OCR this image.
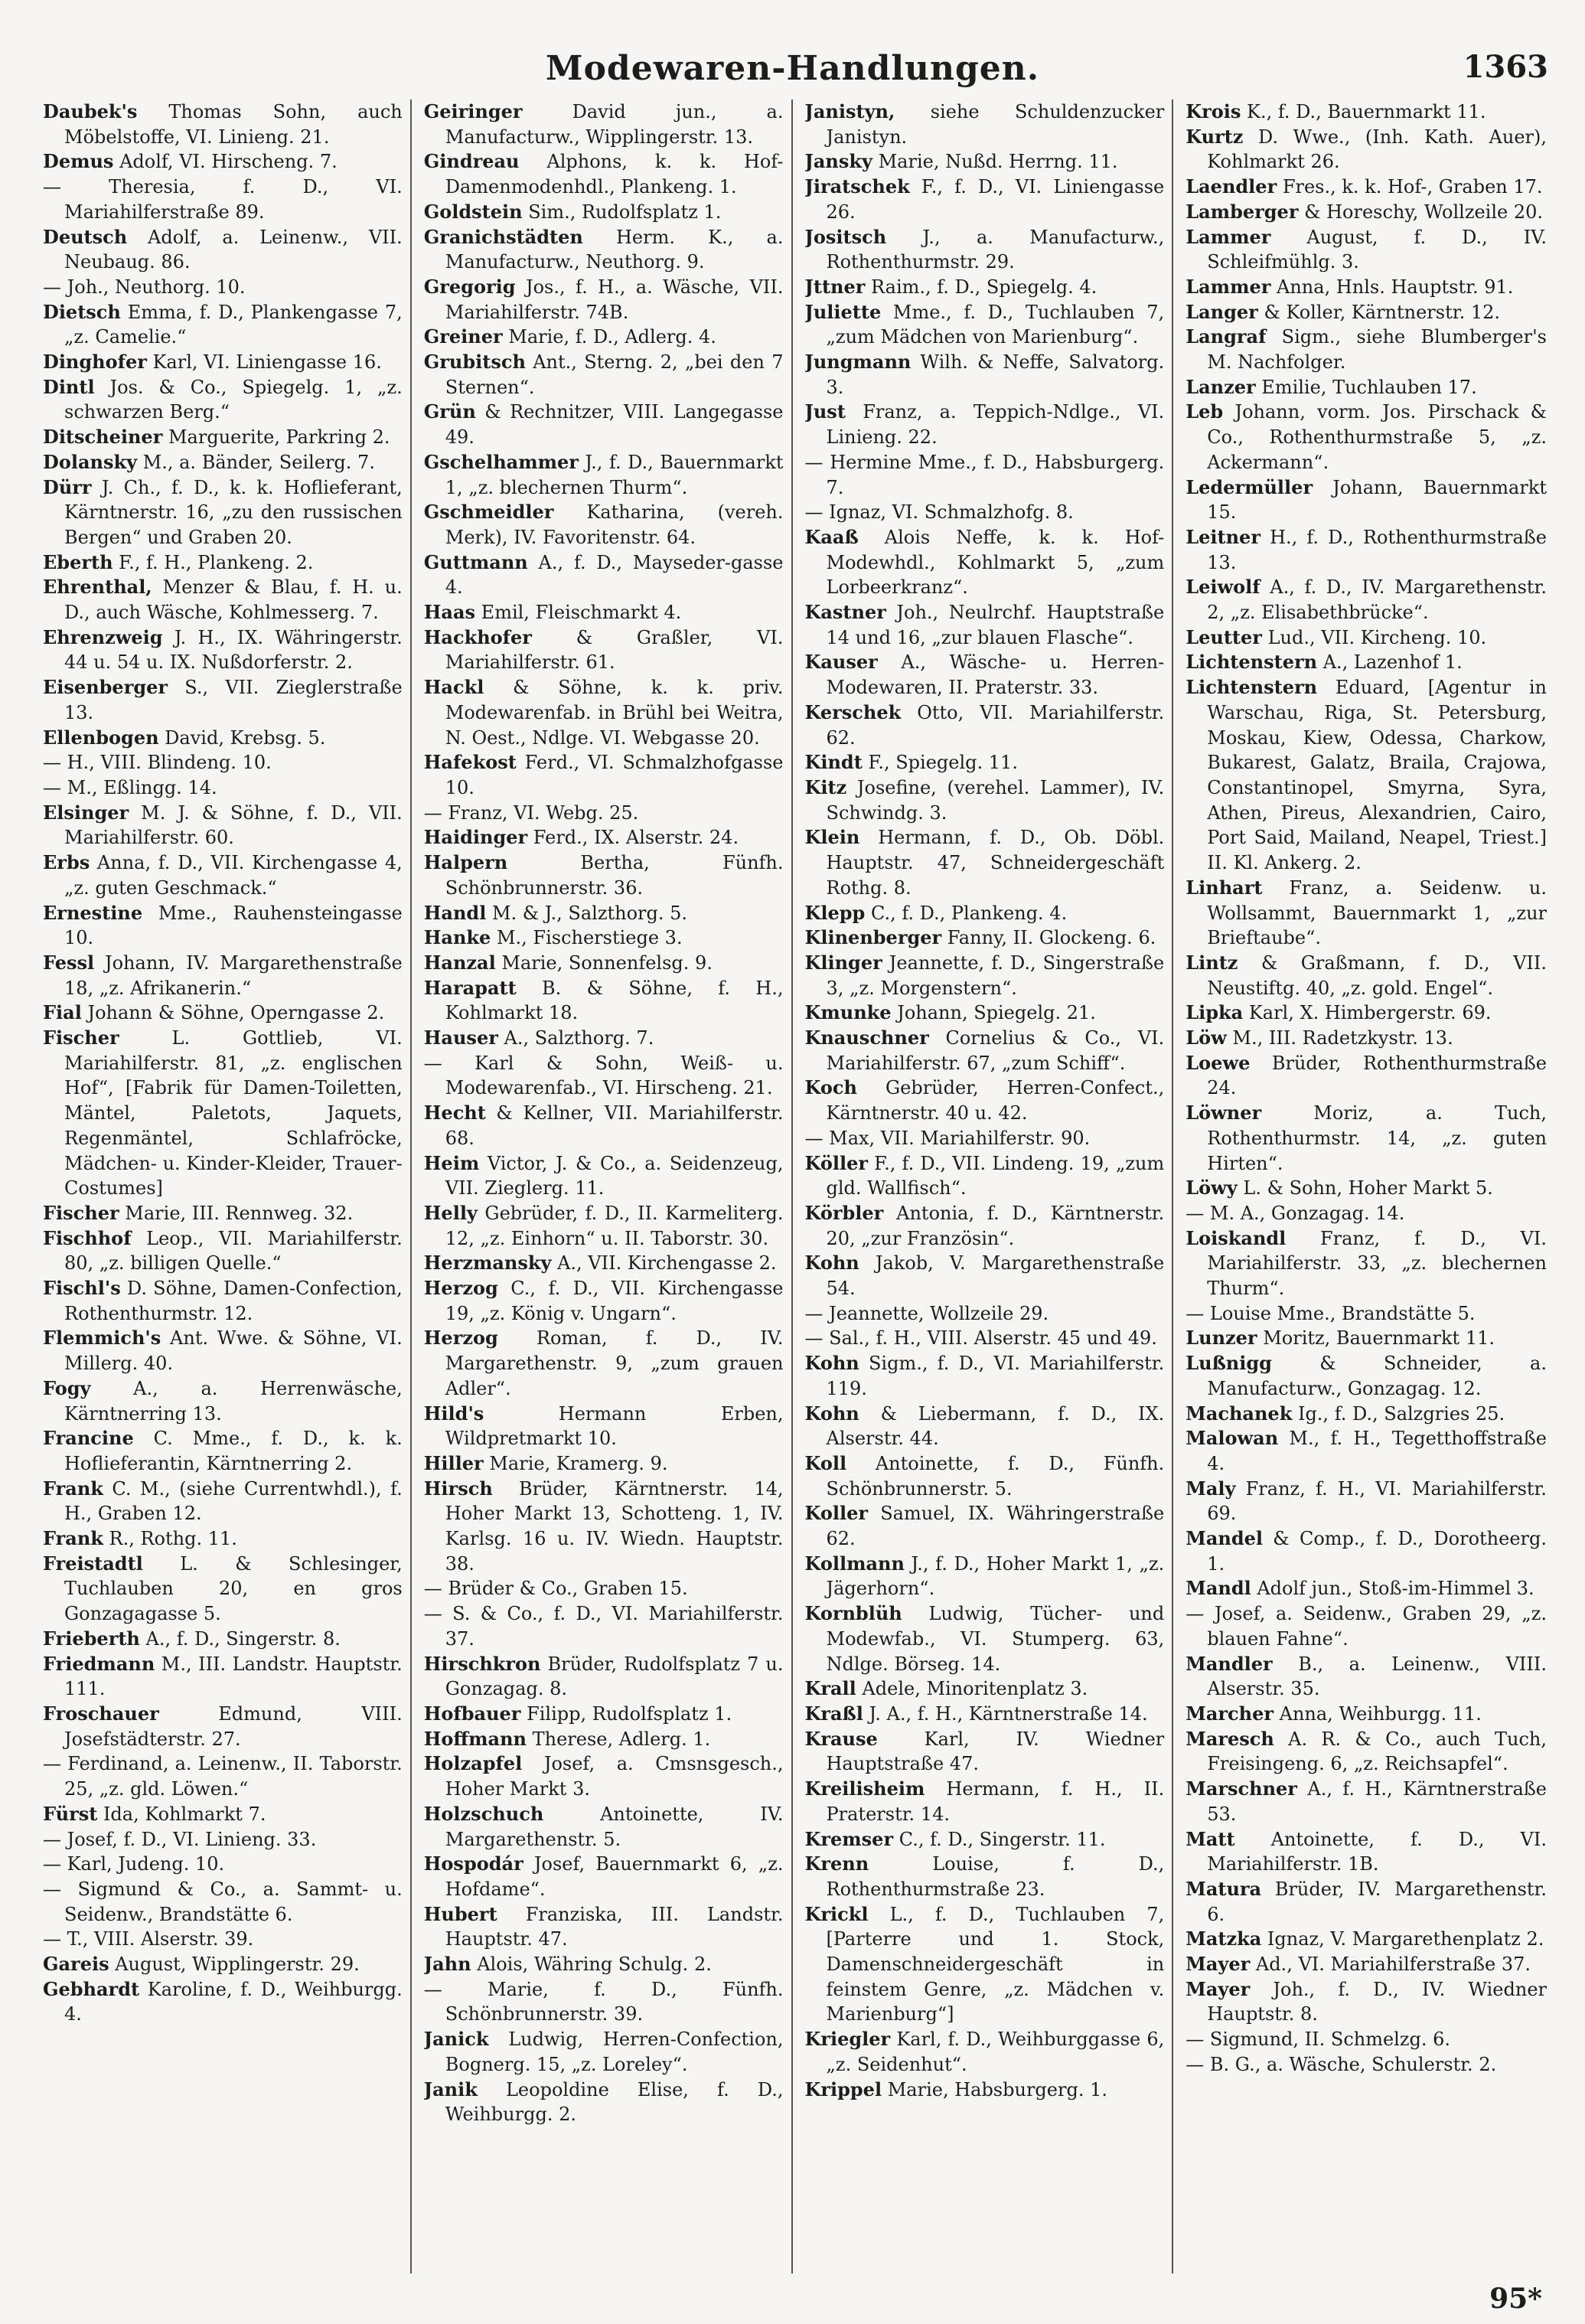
Modewaren-Handlungen.	1363
Daubek's Thomas Sohn, auch Möbelstoffe, VI. Linieng. 21.
Demus Adolf, VI. Hirscheng. 7.
— Theresia, f. D., VI. Mariahilferstraße 89.
Deutsch Adolf, a. Leinenw., VII. Neubaug. 86.
— Joh., Neuthorg. 10.
Dietsch Emma, f. D., Plankengasse 7, „z. Camelie.“
Dinghofer Karl, VI. Liniengasse 16.
Dintl Jos. & Co., Spiegelg. 1, „z. schwarzen Berg.“
Ditscheiner Marguerite, Parkring 2.
Dolansky M., a. Bänder, Seilerg. 7.
Dürr J. Ch., f. D., k. k. Hoflieferant, Kärntnerstr. 16, „zu den russischen Bergen“ und Graben 20.
Eberth F., f. H., Plankeng. 2.
Ehrenthal, Menzer & Blau, f. H. u. D., auch Wäsche, Kohlmesserg. 7.
Ehrenzweig J. H., IX. Währingerstr. 44 u. 54 u. IX. Nußdorferstr. 2.
Eisenberger S., VII. Zieglerstraße 13.
Ellenbogen David, Krebsg. 5.
— H., VIII. Blindeng. 10.
— M., Eßlingg. 14.
Elsinger M. J. & Söhne, f. D., VII. Mariahilferstr. 60.
Erbs Anna, f. D., VII. Kirchengasse 4, „z. guten Geschmack.“
Ernestine Mme., Rauhensteingasse 10.
Fessl Johann, IV. Margarethenstraße 18, „z. Afrikanerin.“
Fial Johann & Söhne, Operngasse 2.
Fischer L. Gottlieb, VI. Mariahilferstr. 81, „z. englischen Hof“, [Fabrik für Damen-Toiletten, Mäntel, Paletots, Jaquets, Regenmäntel, Schlafröcke, Mädchen- u. Kinder-Kleider, Trauer-Costumes]
Fischer Marie, III. Rennweg. 32.
Fischhof Leop., VII. Mariahilferstr. 80, „z. billigen Quelle.“
Fischl's D. Söhne, Damen-Confection, Rothenthurmstr. 12.
Flemmich's Ant. Wwe. & Söhne, VI. Millerg. 40.
Fogy A., a. Herrenwäsche, Kärntnerring 13.
Francine C. Mme., f. D., k. k. Hoflieferantin, Kärntnerring 2.
Frank C. M., (siehe Currentwhdl.), f. H., Graben 12.
Frank R., Rothg. 11.
Freistadtl L. & Schlesinger, Tuchlauben 20, en gros Gonzagagasse 5.
Frieberth A., f. D., Singerstr. 8.
Friedmann M., III. Landstr. Hauptstr. 111.
Froschauer Edmund, VIII. Josefstädterstr. 27.
— Ferdinand, a. Leinenw., II. Taborstr. 25, „z. gld. Löwen.“
Fürst Ida, Kohlmarkt 7.
— Josef, f. D., VI. Linieng. 33.
— Karl, Judeng. 10.
— Sigmund & Co., a. Sammt- u. Seidenw., Brandstätte 6.
— T., VIII. Alserstr. 39.
Gareis August, Wipplingerstr. 29.
Gebhardt Karoline, f. D., Weihburgg. 4.
Geiringer David jun., a. Manufacturw., Wipplingerstr. 13.
Gindreau Alphons, k. k. Hof-Damenmodenhdl., Plankeng. 1.
Goldstein Sim., Rudolfsplatz 1.
Granichstädten Herm. K., a. Manufacturw., Neuthorg. 9.
Gregorig Jos., f. H., a. Wäsche, VII. Mariahilferstr. 74B.
Greiner Marie, f. D., Adlerg. 4.
Grubitsch Ant., Sterng. 2, „bei den 7 Sternen“.
Grün & Rechnitzer, VIII. Langegasse 49.
Gschelhammer J., f. D., Bauernmarkt 1, „z. blechernen Thurm“.
Gschmeidler Katharina, (vereh. Merk), IV. Favoritenstr. 64.
Guttmann A., f. D., Mayseder-gasse 4.
Haas Emil, Fleischmarkt 4.
Hackhofer & Graßler, VI. Mariahilferstr. 61.
Hackl & Söhne, k. k. priv. Modewarenfab. in Brühl bei Weitra, N. Oest., Ndlge. VI. Webgasse 20.
Hafekost Ferd., VI. Schmalzhofgasse 10.
— Franz, VI. Webg. 25.
Haidinger Ferd., IX. Alserstr. 24.
Halpern Bertha, Fünfh. Schönbrunnerstr. 36.
Handl M. & J., Salzthorg. 5.
Hanke M., Fischerstiege 3.
Hanzal Marie, Sonnenfelsg. 9.
Harapatt B. & Söhne, f. H., Kohlmarkt 18.
Hauser A., Salzthorg. 7.
— Karl & Sohn, Weiß- u. Modewarenfab., VI. Hirscheng. 21.
Hecht & Kellner, VII. Mariahilferstr. 68.
Heim Victor, J. & Co., a. Seidenzeug, VII. Zieglerg. 11.
Helly Gebrüder, f. D., II. Karmeliterg. 12, „z. Einhorn“ u. II. Taborstr. 30.
Herzmansky A., VII. Kirchengasse 2.
Herzog C., f. D., VII. Kirchengasse 19, „z. König v. Ungarn“.
Herzog Roman, f. D., IV. Margarethenstr. 9, „zum grauen Adler“.
Hild's Hermann Erben, Wildpretmarkt 10.
Hiller Marie, Kramerg. 9.
Hirsch Brüder, Kärntnerstr. 14, Hoher Markt 13, Schotteng. 1, IV. Karlsg. 16 u. IV. Wiedn. Hauptstr. 38.
— Brüder & Co., Graben 15.
— S. & Co., f. D., VI. Mariahilferstr. 37.
Hirschkron Brüder, Rudolfsplatz 7 u. Gonzagag. 8.
Hofbauer Filipp, Rudolfsplatz 1.
Hoffmann Therese, Adlerg. 1.
Holzapfel Josef, a. Cmsnsgesch., Hoher Markt 3.
Holzschuch Antoinette, IV. Margarethenstr. 5.
Hospodár Josef, Bauernmarkt 6, „z. Hofdame“.
Hubert Franziska, III. Landstr. Hauptstr. 47.
Jahn Alois, Währing Schulg. 2.
— Marie, f. D., Fünfh. Schönbrunnerstr. 39.
Janick Ludwig, Herren-Confection, Bognerg. 15, „z. Loreley“.
Janik Leopoldine Elise, f. D., Weihburgg. 2.
Janistyn, siehe Schuldenzucker Janistyn.
Jansky Marie, Nußd. Herrng. 11.
Jiratschek F., f. D., VI. Liniengasse 26.
Jositsch J., a. Manufacturw., Rothenthurmstr. 29.
Jttner Raim., f. D., Spiegelg. 4.
Juliette Mme., f. D., Tuchlauben 7, „zum Mädchen von Marienburg“.
Jungmann Wilh. & Neffe, Salvatorg. 3.
Just Franz, a. Teppich-Ndlge., VI. Linieng. 22.
— Hermine Mme., f. D., Habsburgerg. 7.
— Ignaz, VI. Schmalzhofg. 8.
Kaaß Alois Neffe, k. k. Hof-Modewhdl., Kohlmarkt 5, „zum Lorbeerkranz“.
Kastner Joh., Neulrchf. Hauptstraße 14 und 16, „zur blauen Flasche“.
Kauser A., Wäsche- u. Herren-Modewaren, II. Praterstr. 33.
Kerschek Otto, VII. Mariahilferstr. 62.
Kindt F., Spiegelg. 11.
Kitz Josefine, (verehel. Lammer), IV. Schwindg. 3.
Klein Hermann, f. D., Ob. Döbl. Hauptstr. 47, Schneidergeschäft Rothg. 8.
Klepp C., f. D., Plankeng. 4.
Klinenberger Fanny, II. Glockeng. 6.
Klinger Jeannette, f. D., Singerstraße 3, „z. Morgenstern“.
Kmunke Johann, Spiegelg. 21.
Knauschner Cornelius & Co., VI. Mariahilferstr. 67, „zum Schiff“.
Koch Gebrüder, Herren-Confect., Kärntnerstr. 40 u. 42.
— Max, VII. Mariahilferstr. 90.
Köller F., f. D., VII. Lindeng. 19, „zum gld. Wallfisch“.
Körbler Antonia, f. D., Kärntnerstr. 20, „zur Französin“.
Kohn Jakob, V. Margarethenstraße 54.
— Jeannette, Wollzeile 29.
— Sal., f. H., VIII. Alserstr. 45 und 49.
Kohn Sigm., f. D., VI. Mariahilferstr. 119.
Kohn & Liebermann, f. D., IX. Alserstr. 44.
Koll Antoinette, f. D., Fünfh. Schönbrunnerstr. 5.
Koller Samuel, IX. Währingerstraße 62.
Kollmann J., f. D., Hoher Markt 1, „z. Jägerhorn“.
Kornblüh Ludwig, Tücher- und Modewfab., VI. Stumperg. 63, Ndlge. Börseg. 14.
Krall Adele, Minoritenplatz 3.
Kraßl J. A., f. H., Kärntnerstraße 14.
Krause Karl, IV. Wiedner Hauptstraße 47.
Kreilisheim Hermann, f. H., II. Praterstr. 14.
Kremser C., f. D., Singerstr. 11.
Krenn Louise, f. D., Rothenthurmstraße 23.
Krickl L., f. D., Tuchlauben 7, [Parterre und 1. Stock, Damenschneidergeschäft in feinstem Genre, „z. Mädchen v. Marienburg“]
Kriegler Karl, f. D., Weihburggasse 6, „z. Seidenhut“.
Krippel Marie, Habsburgerg. 1.
Krois K., f. D., Bauernmarkt 11.
Kurtz D. Wwe., (Inh. Kath. Auer), Kohlmarkt 26.
Laendler Fres., k. k. Hof-, Graben 17.
Lamberger & Horeschy, Wollzeile 20.
Lammer August, f. D., IV. Schleifmühlg. 3.
Lammer Anna, Hnls. Hauptstr. 91.
Langer & Koller, Kärntnerstr. 12.
Langraf Sigm., siehe Blumberger's M. Nachfolger.
Lanzer Emilie, Tuchlauben 17.
Leb Johann, vorm. Jos. Pirschack & Co., Rothenthurmstraße 5, „z. Ackermann“.
Ledermüller Johann, Bauernmarkt 15.
Leitner H., f. D., Rothenthurmstraße 13.
Leiwolf A., f. D., IV. Margarethenstr. 2, „z. Elisabethbrücke“.
Leutter Lud., VII. Kircheng. 10.
Lichtenstern A., Lazenhof 1.
Lichtenstern Eduard, [Agentur in Warschau, Riga, St. Petersburg, Moskau, Kiew, Odessa, Charkow, Bukarest, Galatz, Braila, Crajowa, Constantinopel, Smyrna, Syra, Athen, Pireus, Alexandrien, Cairo, Port Said, Mailand, Neapel, Triest.] II. Kl. Ankerg. 2.
Linhart Franz, a. Seidenw. u. Wollsammt, Bauernmarkt 1, „zur Brieftaube“.
Lintz & Graßmann, f. D., VII. Neustiftg. 40, „z. gold. Engel“.
Lipka Karl, X. Himbergerstr. 69.
Löw M., III. Radetzkystr. 13.
Loewe Brüder, Rothenthurmstraße 24.
Löwner Moriz, a. Tuch, Rothenthurmstr. 14, „z. guten Hirten“.
Löwy L. & Sohn, Hoher Markt 5.
— M. A., Gonzagag. 14.
Loiskandl Franz, f. D., VI. Mariahilferstr. 33, „z. blechernen Thurm“.
— Louise Mme., Brandstätte 5.
Lunzer Moritz, Bauernmarkt 11.
Lußnigg & Schneider, a. Manufacturw., Gonzagag. 12.
Machanek Ig., f. D., Salzgries 25.
Malowan M., f. H., Tegetthoffstraße 4.
Maly Franz, f. H., VI. Mariahilferstr. 69.
Mandel & Comp., f. D., Dorotheerg. 1.
Mandl Adolf jun., Stoß-im-Himmel 3.
— Josef, a. Seidenw., Graben 29, „z. blauen Fahne“.
Mandler B., a. Leinenw., VIII. Alserstr. 35.
Marcher Anna, Weihburgg. 11.
Maresch A. R. & Co., auch Tuch, Freisingeng. 6, „z. Reichsapfel“.
Marschner A., f. H., Kärntnerstraße 53.
Matt Antoinette, f. D., VI. Mariahilferstr. 1B.
Matura Brüder, IV. Margarethenstr. 6.
Matzka Ignaz, V. Margarethenplatz 2.
Mayer Ad., VI. Mariahilferstraße 37.
Mayer Joh., f. D., IV. Wiedner Hauptstr. 8.
— Sigmund, II. Schmelzg. 6.
— B. G., a. Wäsche, Schulerstr. 2.
95*
